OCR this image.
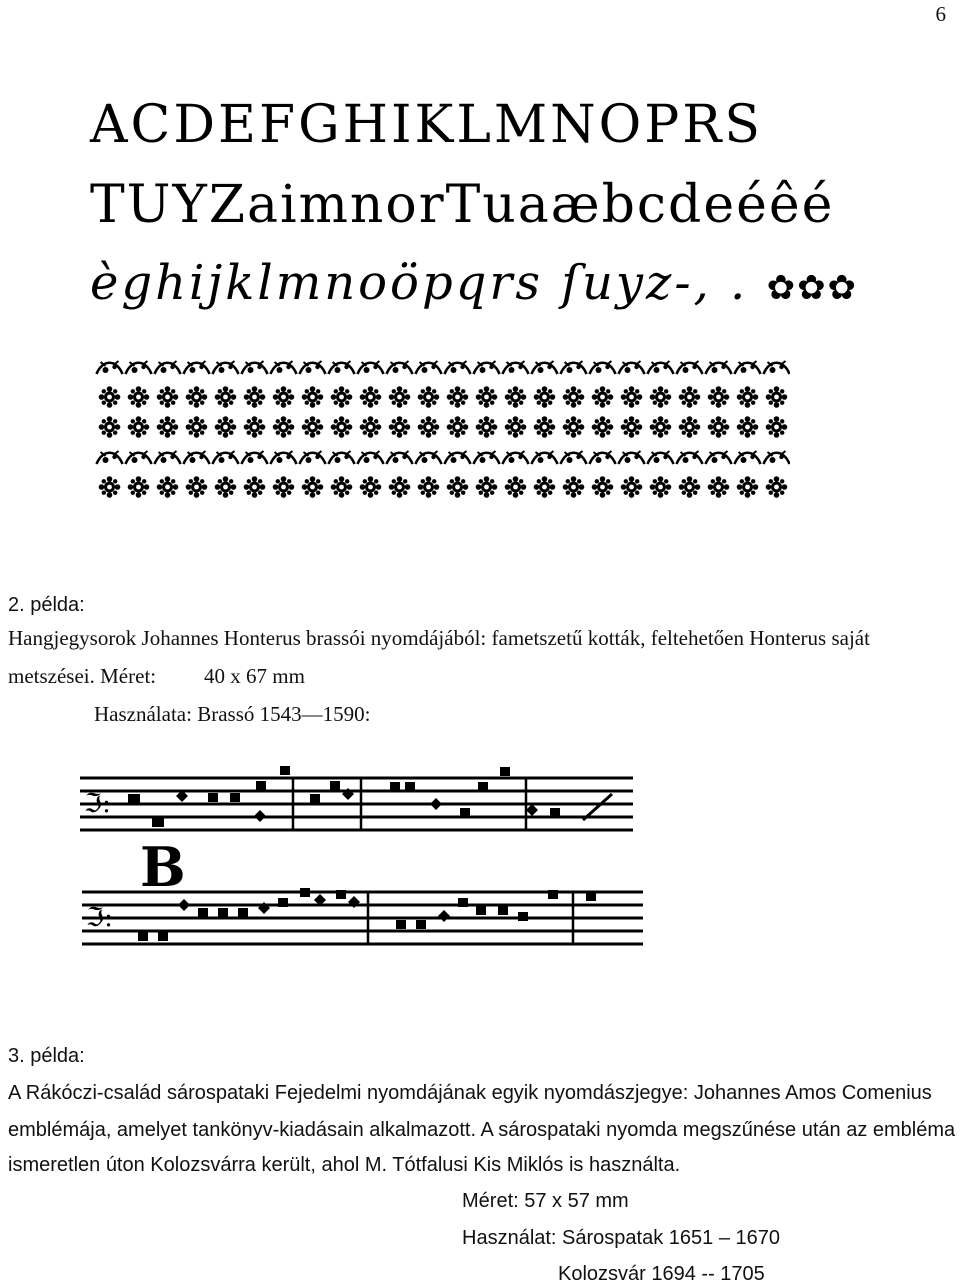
6
ACDEFGHIKLMNOPRS
TUYZaimnorTuaæbcdeéêé
èghijklmnoöpqrs ſuyz-, . ✿✿✿
2. példa:
Hangjegysorok Johannes Honterus brassói nyomdájából: fametszetű kották, feltehetően Honterus saját
metszései. Méret: 40 x 67 mm
Használata: Brassó 1543—1590:
ℑ:
ℑ:
B
3. példa:
A Rákóczi-család sárospataki Fejedelmi nyomdájának egyik nyomdászjegye: Johannes Amos Comenius
emblémája, amelyet tankönyv-kiadásain alkalmazott. A sárospataki nyomda megszűnése után az embléma
ismeretlen úton Kolozsvárra került, ahol M. Tótfalusi Kis Miklós is használta.
Méret: 57 x 57 mm
Használat: Sárospatak 1651 – 1670
Kolozsvár 1694 -- 1705
